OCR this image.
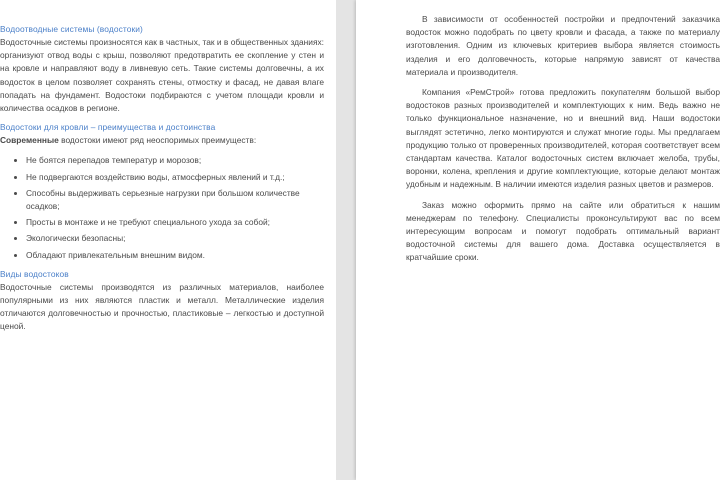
Водоотводные системы (водостоки)

Водосточные системы произносятся как в частных, так и в общественных зданиях: организуют отвод воды с крыш, позволяют предотвратить ее скопление у стен и на кровле и направляют воду в ливневую сеть. Такие системы долговечны, а их водосток в целом позволяет сохранять стены, отмостку и фасад, не давая влаге попадать на фундамент. Водостоки подбираются с учетом площади кровли и количества осадков в регионе.

Водостоки для кровли – преимущества и достоинства

Современные водостоки имеют ряд неоспоримых преимуществ:

Не боятся перепадов температур и морозов;
Не подвергаются воздействию воды, атмосферных явлений и т.д.;
Способны выдерживать серьезные нагрузки при большом количестве осадков;
Просты в монтаже и не требуют специального ухода за собой;
Экологически безопасны;
Обладают привлекательным внешним видом.
Виды водостоков

Водосточные системы производятся из различных материалов, наиболее популярными из них являются пластик и металл. Металлические изделия отличаются долговечностью и прочностью, пластиковые – легкостью и доступной ценой.

В зависимости от особенностей постройки и предпочтений заказчика водосток можно подобрать по цвету кровли и фасада, а также по материалу изготовления. Одним из ключевых критериев выбора является стоимость изделия и его долговечность, которые напрямую зависят от качества материала и производителя.

Компания «РемСтрой» готова предложить покупателям большой выбор водостоков разных производителей и комплектующих к ним. Ведь важно не только функциональное назначение, но и внешний вид. Наши водостоки выглядят эстетично, легко монтируются и служат многие годы. Мы предлагаем продукцию только от проверенных производителей, которая соответствует всем стандартам качества. Каталог водосточных систем включает желоба, трубы, воронки, колена, крепления и другие комплектующие, которые делают монтаж удобным и надежным. В наличии имеются изделия разных цветов и размеров.

Заказ можно оформить прямо на сайте или обратиться к нашим менеджерам по телефону. Специалисты проконсультируют вас по всем интересующим вопросам и помогут подобрать оптимальный вариант водосточной системы для вашего дома. Доставка осуществляется в кратчайшие сроки.
